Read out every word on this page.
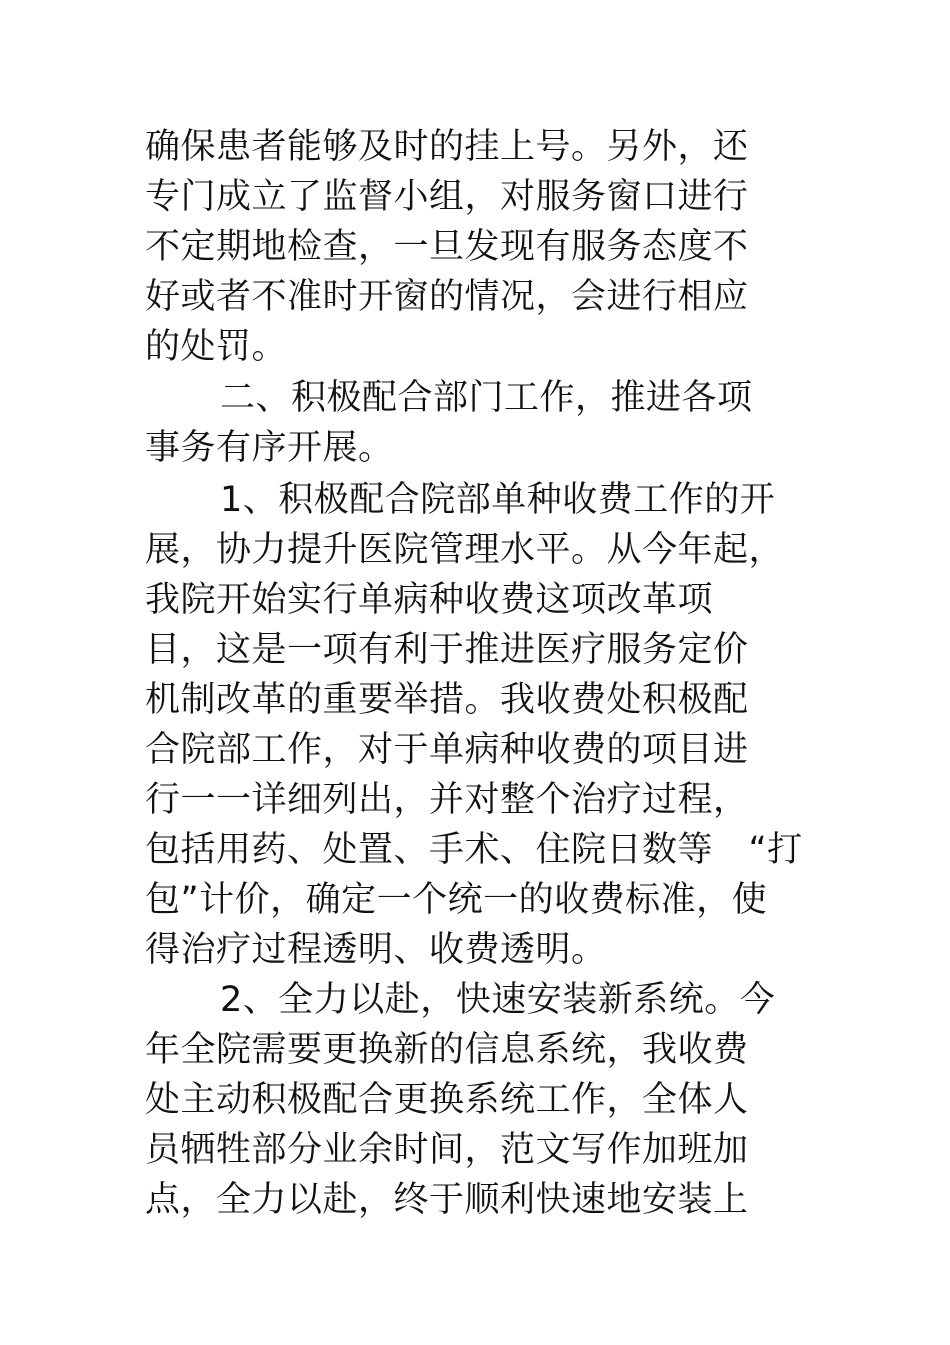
确保患者能够及时的挂上号。另外，还
专门成立了监督小组，对服务窗口进行
不定期地检查，一旦发现有服务态度不
好或者不准时开窗的情况，会进行相应
的处罚。
二、积极配合部门工作，推进各项
事务有序开展。
1、积极配合院部单种收费工作的开
展，协力提升医院管理水平。从今年起，
我院开始实行单病种收费这项改革项
目，这是一项有利于推进医疗服务定价
机制改革的重要举措。我收费处积极配
合院部工作，对于单病种收费的项目进
行一一详细列出，并对整个治疗过程，
包括用药、处置、手术、住院日数等　“打
包”计价，确定一个统一的收费标准，使
得治疗过程透明、收费透明。
2、全力以赴，快速安装新系统。今
年全院需要更换新的信息系统，我收费
处主动积极配合更换系统工作，全体人
员牺牲部分业余时间，范文写作加班加
点，全力以赴，终于顺利快速地安装上
